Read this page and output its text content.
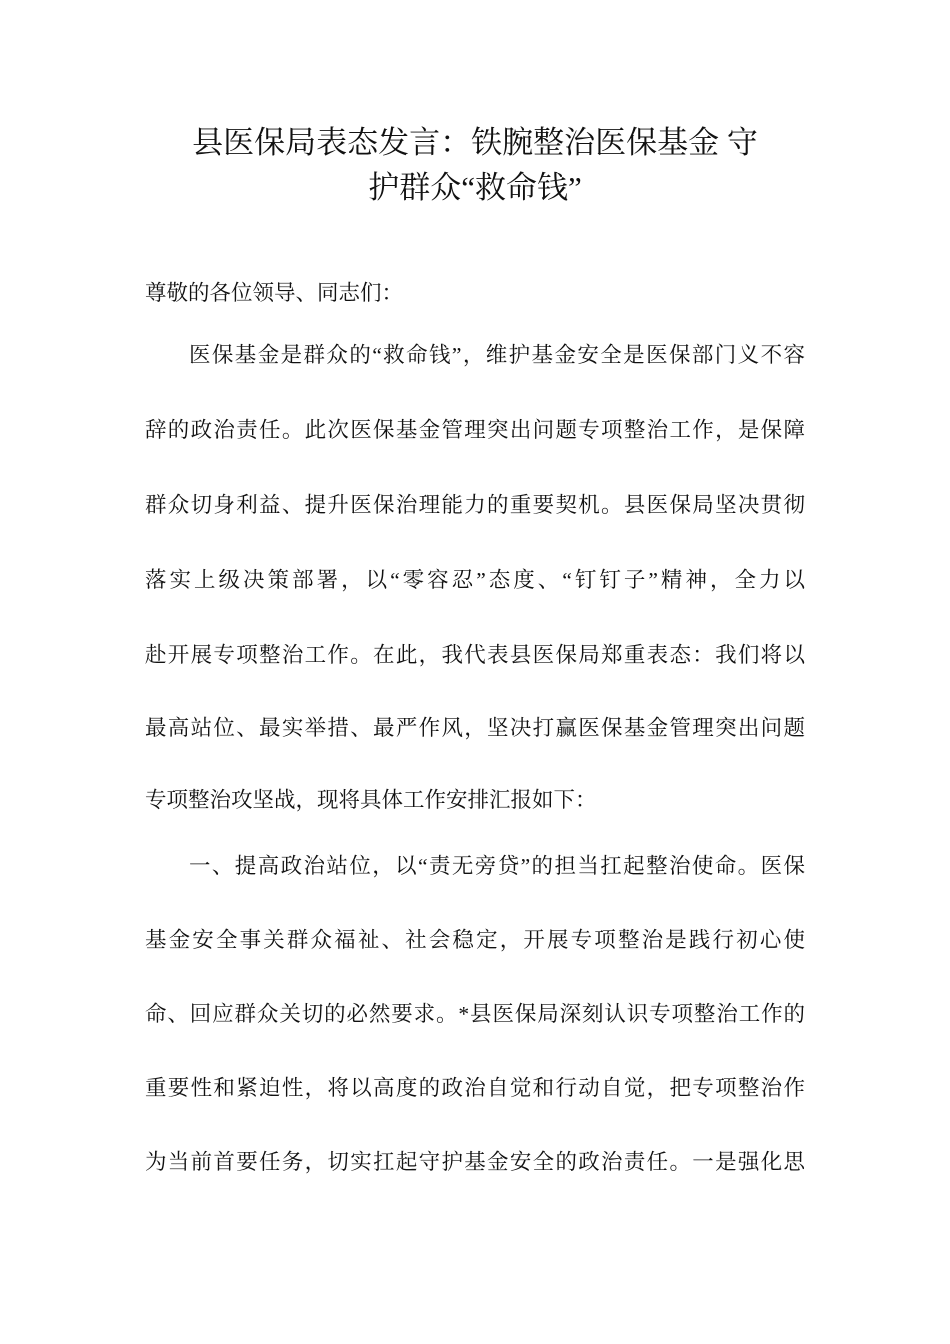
县医保局表态发言：铁腕整治医保基金 守
护群众“救命钱”
尊敬的各位领导、同志们：
医保基金是群众的“救命钱”，维护基金安全是医保部门义不容
辞的政治责任。此次医保基金管理突出问题专项整治工作，是保障
群众切身利益、提升医保治理能力的重要契机。县医保局坚决贯彻
落实上级决策部署，以“零容忍”态度、“钉钉子”精神，全力以
赴开展专项整治工作。在此，我代表县医保局郑重表态：我们将以
最高站位、最实举措、最严作风，坚决打赢医保基金管理突出问题
专项整治攻坚战，现将具体工作安排汇报如下：
一、提高政治站位，以“责无旁贷”的担当扛起整治使命。医保
基金安全事关群众福祉、社会稳定，开展专项整治是践行初心使
命、回应群众关切的必然要求。*县医保局深刻认识专项整治工作的
重要性和紧迫性，将以高度的政治自觉和行动自觉，把专项整治作
为当前首要任务，切实扛起守护基金安全的政治责任。一是强化思
